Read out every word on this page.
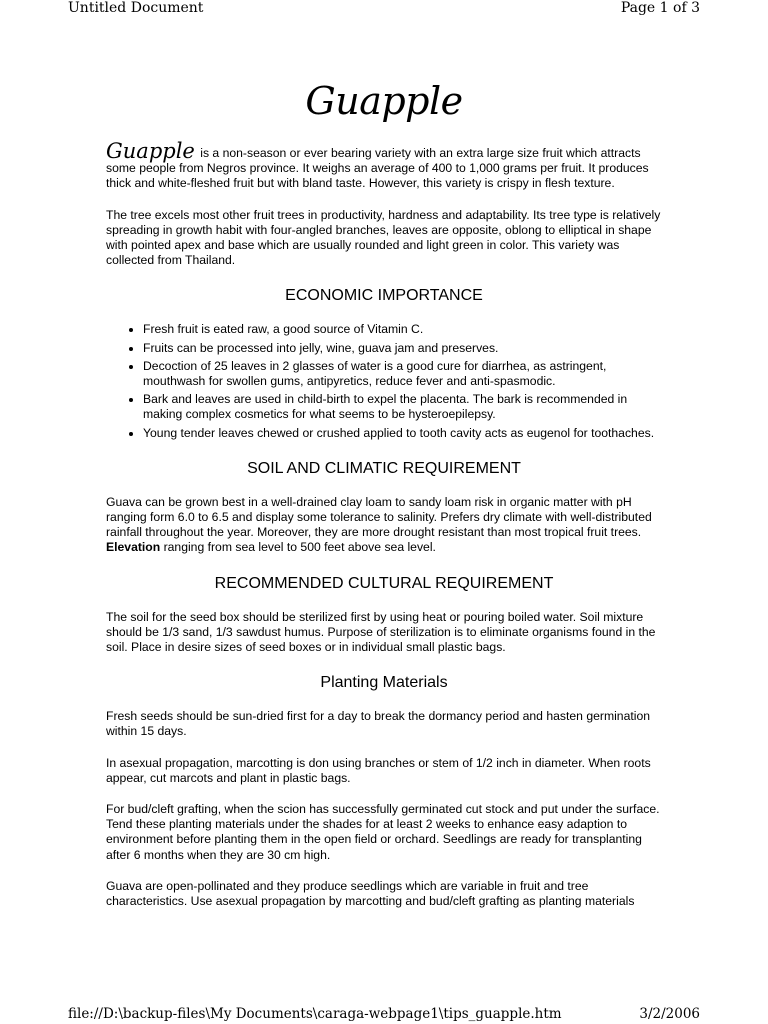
Untitled Document	Page 1 of 3
Guapple

Guapple is a non-season or ever bearing variety with an extra large size fruit which attracts some people from Negros province. It weighs an average of 400 to 1,000 grams per fruit. It produces thick and white-fleshed fruit but with bland taste. However, this variety is crispy in flesh texture.

The tree excels most other fruit trees in productivity, hardness and adaptability. Its tree type is relatively spreading in growth habit with four-angled branches, leaves are opposite, oblong to elliptical in shape with pointed apex and base which are usually rounded and light green in color. This variety was collected from Thailand.

ECONOMIC IMPORTANCE
• Fresh fruit is eated raw, a good source of Vitamin C.
• Fruits can be processed into jelly, wine, guava jam and preserves.
• Decoction of 25 leaves in 2 glasses of water is a good cure for diarrhea, as astringent, mouthwash for swollen gums, antipyretics, reduce fever and anti-spasmodic.
• Bark and leaves are used in child-birth to expel the placenta. The bark is recommended in making complex cosmetics for what seems to be hysteroepilepsy.
• Young tender leaves chewed or crushed applied to tooth cavity acts as eugenol for toothaches.
SOIL AND CLIMATIC REQUIREMENT

Guava can be grown best in a well-drained clay loam to sandy loam risk in organic matter with pH ranging form 6.0 to 6.5 and display some tolerance to salinity. Prefers dry climate with well-distributed rainfall throughout the year. Moreover, they are more drought resistant than most tropical fruit trees. Elevation ranging from sea level to 500 feet above sea level.

RECOMMENDED CULTURAL REQUIREMENT

The soil for the seed box should be sterilized first by using heat or pouring boiled water. Soil mixture should be 1/3 sand, 1/3 sawdust humus. Purpose of sterilization is to eliminate organisms found in the soil. Place in desire sizes of seed boxes or in individual small plastic bags.

Planting Materials

Fresh seeds should be sun-dried first for a day to break the dormancy period and hasten germination within 15 days.

In asexual propagation, marcotting is don using branches or stem of 1/2 inch in diameter. When roots appear, cut marcots and plant in plastic bags.

For bud/cleft grafting, when the scion has successfully germinated cut stock and put under the surface. Tend these planting materials under the shades for at least 2 weeks to enhance easy adaption to environment before planting them in the open field or orchard. Seedlings are ready for transplanting after 6 months when they are 30 cm high.

Guava are open-pollinated and they produce seedlings which are variable in fruit and tree characteristics. Use asexual propagation by marcotting and bud/cleft grafting as planting materials

file://D:\backup-files\My Documents\caraga-webpage1\tips_guapple.htm	3/2/2006
